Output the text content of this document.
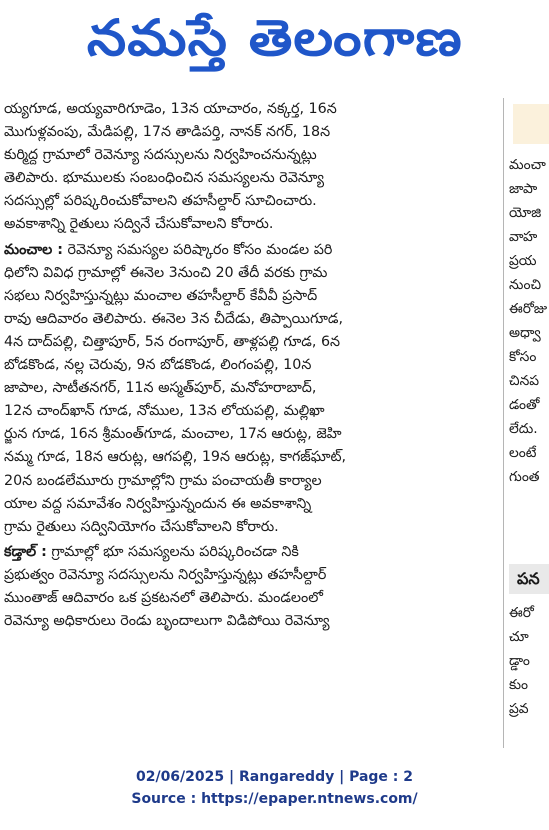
నమస్తే తెలంగాణ

య్యగూడ, అయ్యవారిగూడెం, 13న యాచారం, నక్కర్త, 16న
మొగుళ్లవంపు, మేడిపల్లి, 17న తాడిపర్తి, నానక్ నగర్, 18న
కుర్మిద్ద గ్రామాలో రెవెన్యూ సదస్సులను నిర్వహించనున్నట్లు
తెలిపారు. భూములకు సంబంధించిన సమస్యలను రెవెన్యూ
సదస్సుల్లో పరిష్కరించుకోవాలని తహసీల్దార్ సూచించారు.
అవకాశాన్ని రైతులు సద్వినే చేసుకోవాలని కోరారు.

మంచాల : రెవెన్యూ సమస్యల పరిష్కారం కోసం మండల పరి
ధిలోని వివిధ గ్రామాల్లో ఈనెల 3నుంచి 20 తేదీ వరకు గ్రామ
సభలు నిర్వహిస్తున్నట్లు మంచాల తహసీల్దార్ కేవీవీ ప్రసాద్
రావు ఆదివారం తెలిపారు. ఈనెల 3న చీదేడు, తిప్పాయిగూడ,
4న దాద్‌పల్లి, చిత్తాపూర్, 5న రంగాపూర్, తాళ్లపల్లి గూడ, 6న
బోడకొండ, నల్ల చెరువు, 9న బోడకొండ, లింగంపల్లి, 10న
జాపాల, సాటీతనగర్, 11న అస్మత్‌పూర్, మనోహరాబాద్,
12న చాంద్‌ఖాన్ గూడ, నోముల, 13న లోయపల్లి, మల్లిఖా
ర్జున గూడ, 16న శ్రీమంత్‌గూడ, మంచాల, 17న ఆరుట్ల, జెహి
నమ్మ గూడ, 18న ఆరుట్ల, ఆగపల్లి, 19న ఆరుట్ల, కాగజ్‌ఘాట్,
20న బండలేమూరు గ్రామాల్లోని గ్రామ పంచాయతీ కార్యాల
యాల వద్ద సమావేశం నిర్వహిస్తున్నందున ఈ అవకాశాన్ని
గ్రామ రైతులు సద్వినియోగం చేసుకోవాలని కోరారు.

కడ్తాల్ : గ్రామాల్లో భూ సమస్యలను పరిష్కరించడా నికి
ప్రభుత్వం రెవెన్యూ సదస్సులను నిర్వహిస్తున్నట్లు తహసీల్దార్
ముంతాజ్ ఆదివారం ఒక ప్రకటనలో తెలిపారు. మండలంలో
రెవెన్యూ అధికారులు రెండు బృందాలుగా విడిపోయి రెవెన్యూ

మంచా
జాపా
యోజి
వాహ
ప్రయ
నుంచి
ఈరోజు
అధ్వా
కోసం
చినప
డంతో
లేదు.
లంటే
గుంత
పన
ఈరో
చూ
డ్డాం
కుం
ప్రవ
02/06/2025 | Rangareddy | Page : 2
Source : https://epaper.ntnews.com/
